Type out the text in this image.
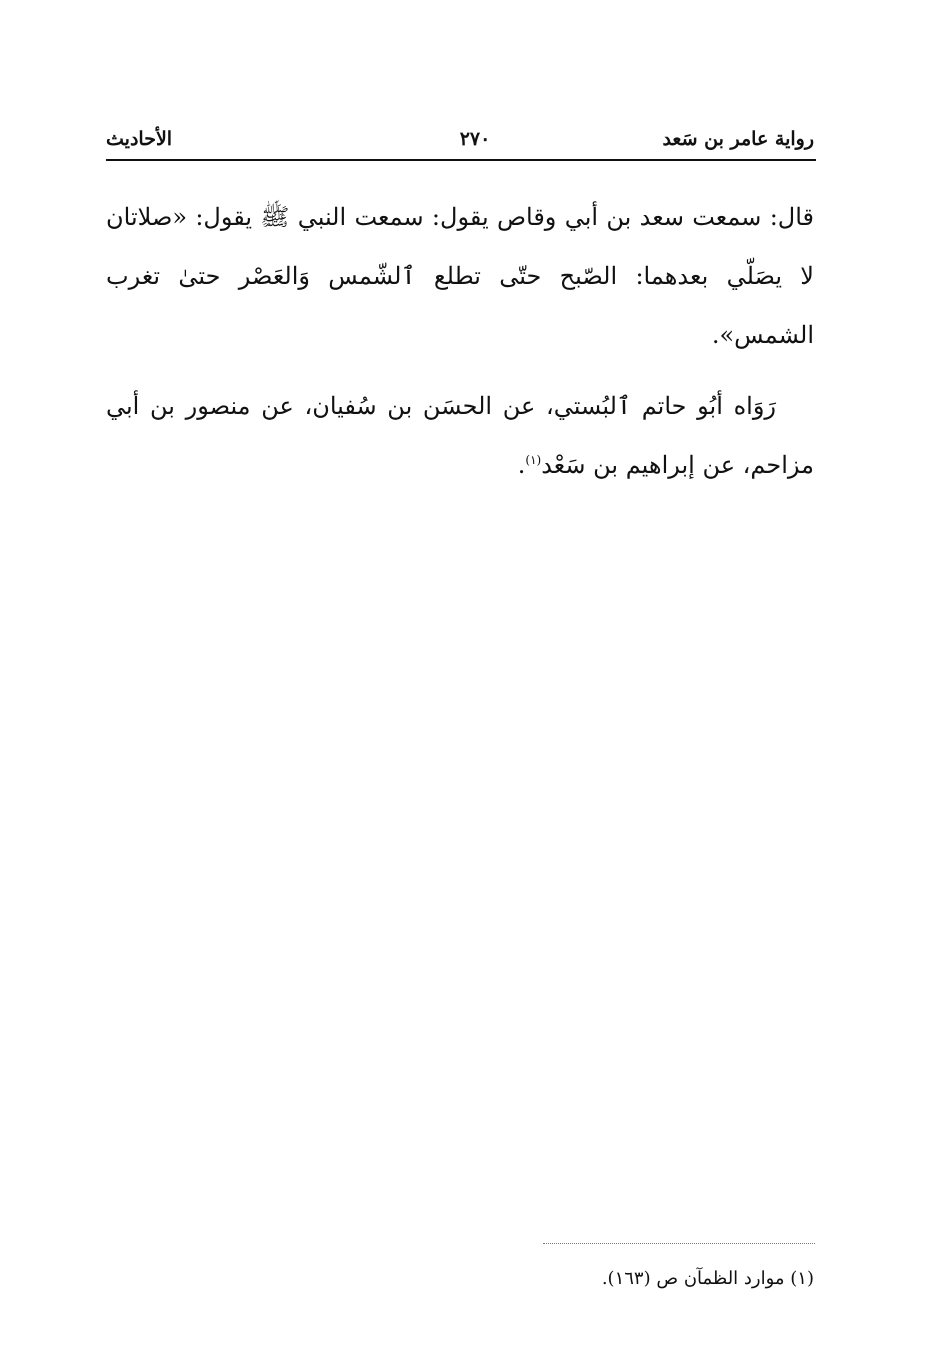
رواية عامر بن سَعد
٢٧٠
الأحاديث

قال: سمعت سعد بن أبي وقاص يقول: سمعت النبي ﷺ يقول: «صلاتان لا يصَلّي بعدهما: الصّبح حتّى تطلع ٱلشّمس وَالعَصْر حتىٰ تغرب الشمس».

رَوَاه أبُو حاتم ٱلبُستي، عن الحسَن بن سُفيان، عن منصور بن أبي مزاحم، عن إبراهيم بن سَعْد$^{(١)}$.

(١) موارد الظمآن ص (١٦٣).
